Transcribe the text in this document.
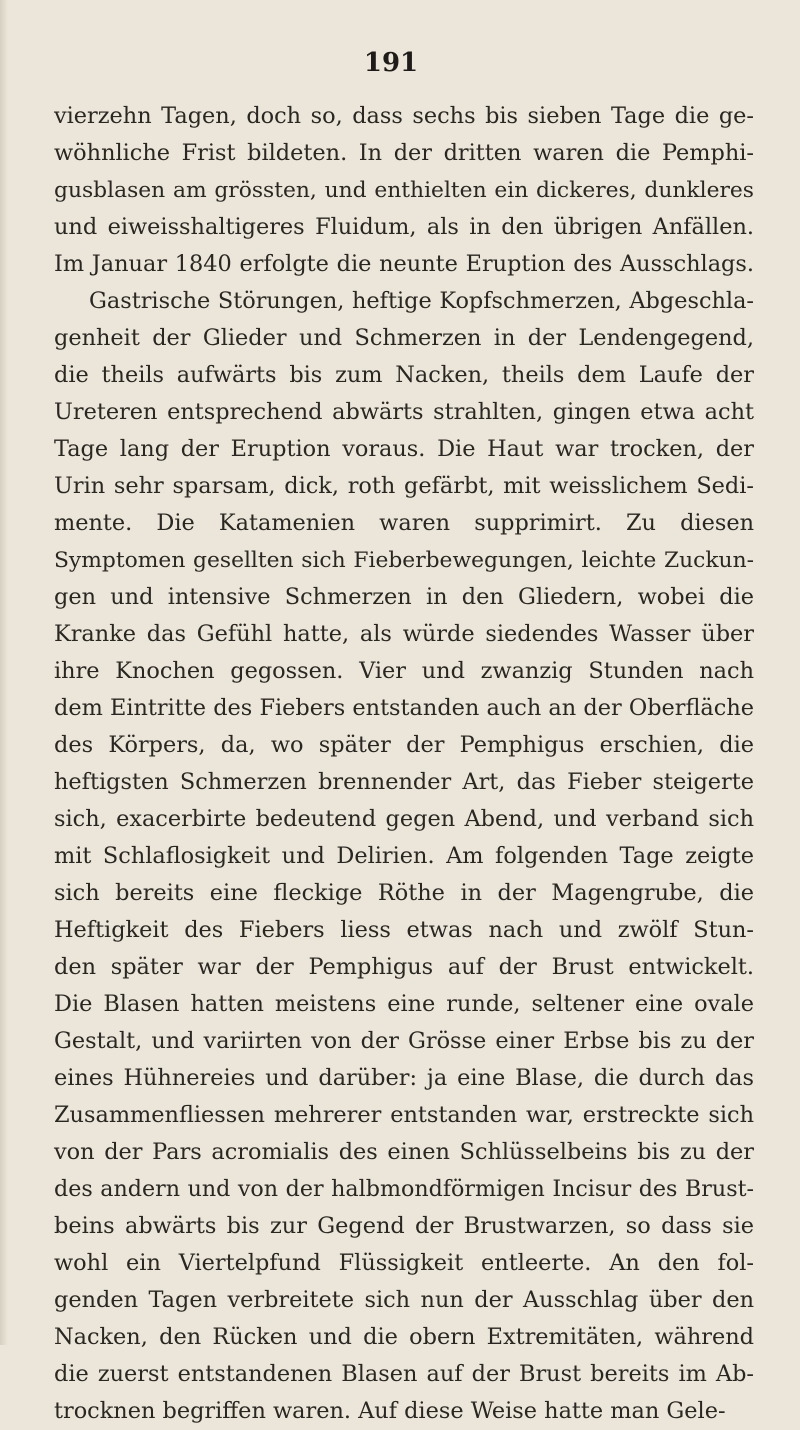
191
vierzehn Tagen, doch so, dass sechs bis sieben Tage die ge-
wöhnliche Frist bildeten. In der dritten waren die Pemphi-
gusblasen am grössten, und enthielten ein dickeres, dunkleres
und eiweisshaltigeres Fluidum, als in den übrigen Anfällen.
Im Januar 1840 erfolgte die neunte Eruption des Ausschlags.
Gastrische Störungen, heftige Kopfschmerzen, Abgeschla-
genheit der Glieder und Schmerzen in der Lendengegend,
die theils aufwärts bis zum Nacken, theils dem Laufe der
Ureteren entsprechend abwärts strahlten, gingen etwa acht
Tage lang der Eruption voraus. Die Haut war trocken, der
Urin sehr sparsam, dick, roth gefärbt, mit weisslichem Sedi-
mente. Die Katamenien waren supprimirt. Zu diesen
Symptomen gesellten sich Fieberbewegungen, leichte Zuckun-
gen und intensive Schmerzen in den Gliedern, wobei die
Kranke das Gefühl hatte, als würde siedendes Wasser über
ihre Knochen gegossen. Vier und zwanzig Stunden nach
dem Eintritte des Fiebers entstanden auch an der Oberfläche
des Körpers, da, wo später der Pemphigus erschien, die
heftigsten Schmerzen brennender Art, das Fieber steigerte
sich, exacerbirte bedeutend gegen Abend, und verband sich
mit Schlaflosigkeit und Delirien. Am folgenden Tage zeigte
sich bereits eine fleckige Röthe in der Magengrube, die
Heftigkeit des Fiebers liess etwas nach und zwölf Stun-
den später war der Pemphigus auf der Brust entwickelt.
Die Blasen hatten meistens eine runde, seltener eine ovale
Gestalt, und variirten von der Grösse einer Erbse bis zu der
eines Hühnereies und darüber: ja eine Blase, die durch das
Zusammenfliessen mehrerer entstanden war, erstreckte sich
von der Pars acromialis des einen Schlüsselbeins bis zu der
des andern und von der halbmondförmigen Incisur des Brust-
beins abwärts bis zur Gegend der Brustwarzen, so dass sie
wohl ein Viertelpfund Flüssigkeit entleerte. An den fol-
genden Tagen verbreitete sich nun der Ausschlag über den
Nacken, den Rücken und die obern Extremitäten, während
die zuerst entstandenen Blasen auf der Brust bereits im Ab-
trocknen begriffen waren. Auf diese Weise hatte man Gele-
